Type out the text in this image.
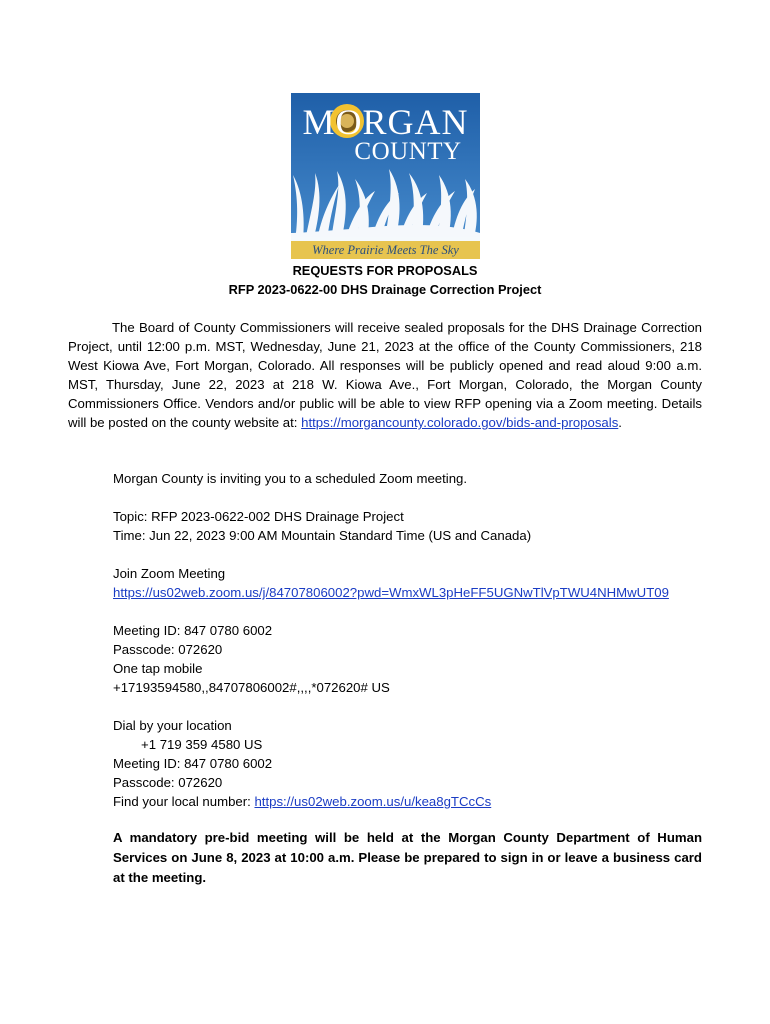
MORGAN
COUNTY
Where Prairie Meets The Sky
REQUESTS FOR PROPOSALS
RFP 2023-0622-00 DHS Drainage Correction Project
The Board of County Commissioners will receive sealed proposals for the DHS Drainage Correction Project, until 12:00 p.m. MST, Wednesday, June 21, 2023 at the office of the County Commissioners, 218 West Kiowa Ave, Fort Morgan, Colorado. All responses will be publicly opened and read aloud 9:00 a.m. MST, Thursday, June 22, 2023 at 218 W. Kiowa Ave., Fort Morgan, Colorado, the Morgan County Commissioners Office. Vendors and/or public will be able to view RFP opening via a Zoom meeting. Details will be posted on the county website at: https://morgancounty.colorado.gov/bids-and-proposals.
Morgan County is inviting you to a scheduled Zoom meeting.
Topic: RFP 2023-0622-002 DHS Drainage Project
Time: Jun 22, 2023 9:00 AM Mountain Standard Time (US and Canada)
Join Zoom Meeting
https://us02web.zoom.us/j/84707806002?pwd=WmxWL3pHeFF5UGNwTlVpTWU4NHMwUT09
Meeting ID: 847 0780 6002
Passcode: 072620
One tap mobile
+17193594580,,84707806002#,,,,*072620# US
Dial by your location
+1 719 359 4580 US
Meeting ID: 847 0780 6002
Passcode: 072620
Find your local number: https://us02web.zoom.us/u/kea8gTCcCs
A mandatory pre-bid meeting will be held at the Morgan County Department of Human Services on June 8, 2023 at 10:00 a.m. Please be prepared to sign in or leave a business card at the meeting.
